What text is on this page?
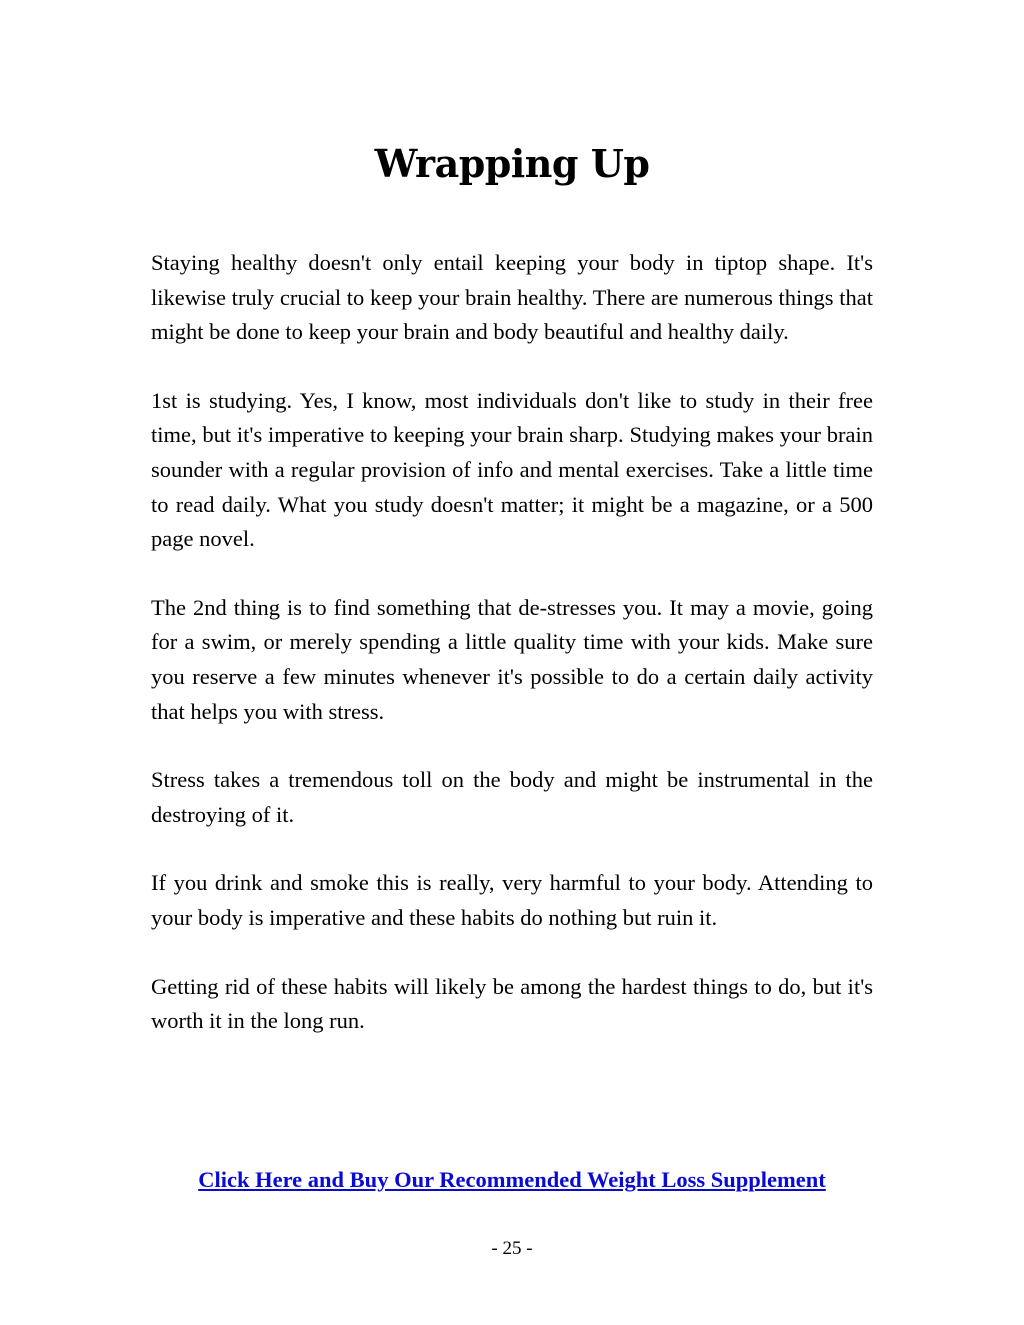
Wrapping Up

Staying healthy doesn't only entail keeping your body in tiptop shape. It's likewise truly crucial to keep your brain healthy. There are numerous things that might be done to keep your brain and body beautiful and healthy daily.

1st is studying. Yes, I know, most individuals don't like to study in their free time, but it's imperative to keeping your brain sharp. Studying makes your brain sounder with a regular provision of info and mental exercises. Take a little time to read daily. What you study doesn't matter; it might be a magazine, or a 500 page novel.

The 2nd thing is to find something that de-stresses you. It may a movie, going for a swim, or merely spending a little quality time with your kids. Make sure you reserve a few minutes whenever it's possible to do a certain daily activity that helps you with stress.

Stress takes a tremendous toll on the body and might be instrumental in the destroying of it.

If you drink and smoke this is really, very harmful to your body. Attending to your body is imperative and these habits do nothing but ruin it.

Getting rid of these habits will likely be among the hardest things to do, but it's worth it in the long run.

Click Here and Buy Our Recommended Weight Loss Supplement
- 25 -
